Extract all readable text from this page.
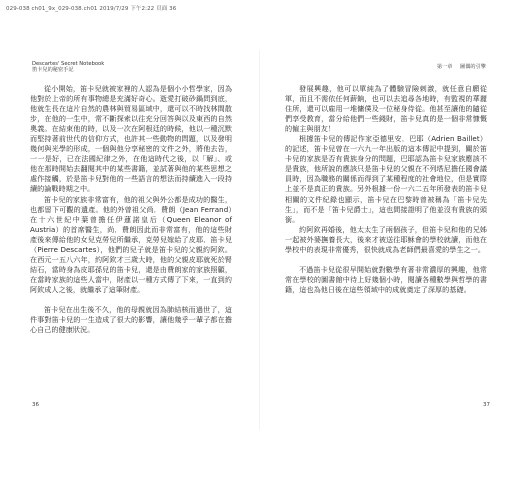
029-038 ch01_9x_029-038.ch01 2019/7/29 下午2:22 頁面 36
Descartes' Secret Notebook
笛卡兒的秘密手記
第一章 圖偶的引擎

從小開始，笛卡兒就被家裡的人認為是個小小哲學家，因為他對於上帝的所有事物總是充滿好奇心。逝愛打破砂鍋問到底，他就生長在這片自然的農林與貿易區域中，還可以不時找林間散步，在他的一生中，常不斷探索以往充分回答與以及東西的自然奧義。在結束他的時，以及一次在阿根廷的時候，他以一種沉默而堅持著前世代的信仰方式，也許其一些動物的問題，以及發明幾何與光學的形成，一個與他分享秘密的文件之外，將他去告，一一是好，已在法國紀律之外，在他這時代之後，以「解」、或他在那時開始去翻閱其中的某些書籍，並試著與他的某些思想之處作接觸，於是笛卡兒對他的一些語言的想法而持續進入一段持續的論戰時期之中。

笛卡兒的家族非常富有，他的祖父與外公都是成功的醫生，也都留下可觀的遺產。他的外曾祖父尚．費朗（Jean Ferrand）在十六世紀中葉曾擔任伊蓮諾皇后（Queen Eleanor of Austria）的首席醫生，尚．費朗因此而非常富有，他的這些財產後來傳給他的女兒克勞兒所繼承，克勞兒嫁給了皮耶．笛卡兒（Pierre Descartes），他們的兒子就是笛卡兒的父親約阿欽。在西元一五八六年，約阿欽才三歲大時，他的父親皮耶就死於腎結石，當時身為皮耶孫兒的笛卡兒，還是由費朗家的家族照顧，在當時家族的這些人當中，財產以一種方式傳了下來，一直到約阿欽成人之後，就繼承了這筆財產。

笛卡兒在出生後不久，他的母親就因為肺結核而過世了，這件事對笛卡兒的一生造成了很大的影響，讓他幾乎一輩子都在擔心自己的健康狀況。

發展興趣，他可以單純為了體驗冒險刺激，就任意自願從軍，而且不需依任何薪餉，也可以去追尋各地時，有監視的華麗住所，還可以雇用一堆傭僕及一位秘身侍從。他甚至讓他的隨從們享受教育，當分給他們一些錢財，笛卡兒真的是一個非常慷慨的僱主與朋友！

根據笛卡兒的傳記作家亞德里安．巴耶（Adrien Baillet）的記述，笛卡兒曾在一六九一年出版的這本傳記中提到，關於笛卡兒的家族是否有貴族身分的問題，巴耶認為笛卡兒家族應該不是貴族，他所說的應該只是笛卡兒的父親在不列塔尼擔任國會議員時，因為職務的關係而得到了某種程度的社會地位，但是實際上並不是真正的貴族。另外根據一份一六二五年所發表的笛卡兒相關的文件紀錄也顯示，笛卡兒在巴黎時曾被稱為「笛卡兒先生」，而不是「笛卡兒爵士」，這也間接證明了他並沒有貴族的頭銜。

約阿欽再婚後，他太太生了兩個孩子，但笛卡兒和他的兄姊一起被外婆撫養長大，後來才被送往耶穌會的學校就讀，而他在學校中的表現非常優秀，很快就成為老師們最喜愛的學生之一。

不過笛卡兒從很早開始就對數學有著非常濃厚的興趣，他常常在學校的圖書館中待上好幾個小時，閱讀各種數學與哲學的書籍，這也為他日後在這些領域中的成就奠定了深厚的基礎。

36	37
